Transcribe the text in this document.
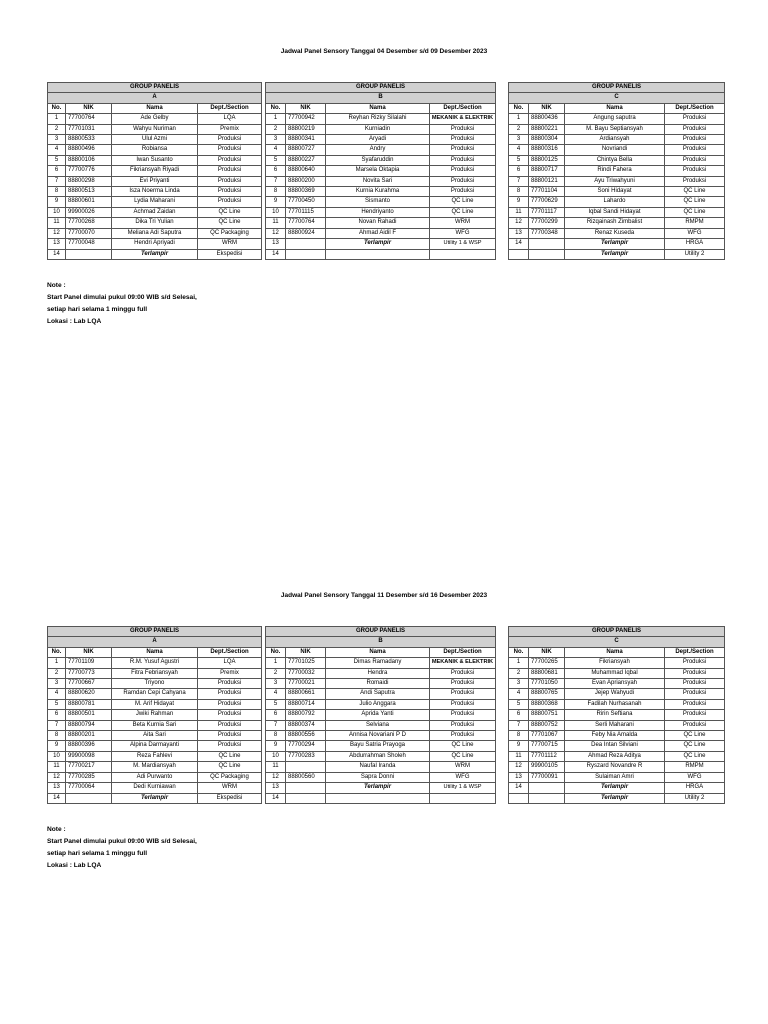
Jadwal Panel Sensory Tanggal 04 Desember s/d 09 Desember 2023
GROUP PANELIS			
A			
No.	NIK	Nama	Dept./Section
1	77700764	Ade Gelby	LQA
2	77701031	Wahyu Nuriman	Premix
3	88800533	Ulul Azmi	Produksi
4	88800496	Robiansa	Produksi
5	88800106	Iwan Susanto	Produksi
6	77700776	Fikriansyah Riyadi	Produksi
7	88800298	Evi Priyanti	Produksi
8	88800513	Isza Noerma Linda	Produksi
9	88800601	Lydia Maharani	Produksi
10	99900026	Achmad Zaidan	QC Line
11	77700268	Dika Tri Yulian	QC Line
12	77700070	Meliana Adi Saputra	QC Packaging
13	77700048	Hendri Apriyadi	WRM
14		Terlampir	Ekspedisi
GROUP PANELIS			
B			
No.	NIK	Nama	Dept./Section
1	77700942	Reyhan Rizky Silalahi	MEKANIK & ELEKTRIK
2	88800219	Kurniadin	Produksi
3	88800341	Aryadi	Produksi
4	88800727	Andry	Produksi
5	88800227	Syafaruddin	Produksi
6	88800640	Marsela Oktapia	Produksi
7	88800200	Novita Sari	Produksi
8	88800369	Kurnia Kurahma	Produksi
9	77700450	Sismanto	QC Line
10	77701115	Hendriyanto	QC Line
11	77700764	Novan Rahadi	WRM
12	88800924	Ahmad Aidil F	WFG
13		Terlampir	Utility 1 & WSP
14			
GROUP PANELIS			
C			
No.	NIK	Nama	Dept./Section
1	88800436	Angung saputra	Produksi
2	88800221	M. Bayu Septiansyah	Produksi
3	88800304	Ardiansyah	Produksi
4	88800316	Novriandi	Produksi
5	88800125	Chintya Bella	Produksi
6	88800717	Rindi Fahera	Produksi
7	88800121	Ayu Triwahyuni	Produksi
8	77701104	Soni Hidayat	QC Line
9	77700629	Lahardo	QC Line
11	77701117	Iqbal Sandi Hidayat	QC Line
12	77700299	Rizqainash Zimbalist	RMPM
13	77700348	Renaz Kuseda	WFG
14		Terlampir	HRGA
		Terlampir	Utility 2
Note :
Start Panel dimulai pukul 09:00 WIB s/d Selesai,
setiap hari selama 1 minggu full
Lokasi : Lab LQA
Jadwal Panel Sensory Tanggal 11 Desember s/d 16 Desember 2023
GROUP PANELIS			
A			
No.	NIK	Nama	Dept./Section
1	77701109	R.M. Yusuf Agustri	LQA
2	77700773	Fitra Febriansyah	Premix
3	77700667	Triyono	Produksi
4	88800620	Ramdan Cepi Cahyana	Produksi
5	88800781	M. Arif Hidayat	Produksi
6	88800501	Jwiki Rahman	Produksi
7	88800794	Beta Kurnia Sari	Produksi
8	88800201	Aita Sari	Produksi
9	88800396	Alpina Darmayanti	Produksi
10	99900098	Reza Fahlevi	QC Line
11	77700217	M. Mardiansyah	QC Line
12	77700285	Adi Purwanto	QC Packaging
13	77700064	Dedi Kurniawan	WRM
14		Terlampir	Ekspedisi
GROUP PANELIS			
B			
No.	NIK	Nama	Dept./Section
1	77701025	Dimas Ramadany	MEKANIK & ELEKTRIK
2	77700032	Hendra	Produksi
3	77700021	Romaidi	Produksi
4	88800661	Andi Saputra	Produksi
5	88800714	Julio Anggara	Produksi
6	88800792	Aprida Yanti	Produksi
7	88800374	Selviana	Produksi
8	88800556	Annisa Novariani P D	Produksi
9	77700294	Bayu Satria Prayoga	QC Line
10	77700283	Abdurrahman Sholeh	QC Line
11		Naufal Iranda	WRM
12	88800560	Sapra Donni	WFG
13		Terlampir	Utility 1 & WSP
14			
GROUP PANELIS			
C			
No.	NIK	Nama	Dept./Section
1	77700265	Fikriansyah	Produksi
2	88800681	Muhammad Iqbal	Produksi
3	77701050	Evan Apriansyah	Produksi
4	88800765	Jejep Wahyudi	Produksi
5	88800368	Fadilah Nurhasanah	Produksi
6	88800751	Ririn Seftiana	Produksi
7	88800752	Serli Maharani	Produksi
8	77701067	Feby Nia Amalda	QC Line
9	77700715	Dea Intan Silviani	QC Line
11	77701112	Ahmad Reza Aditya	QC Line
12	99900105	Ryszard Novandre R	RMPM
13	77700091	Sulaiman Amri	WFG
14		Terlampir	HRGA
		Terlampir	Utility 2
Note :
Start Panel dimulai pukul 09:00 WIB s/d Selesai,
setiap hari selama 1 minggu full
Lokasi : Lab LQA
